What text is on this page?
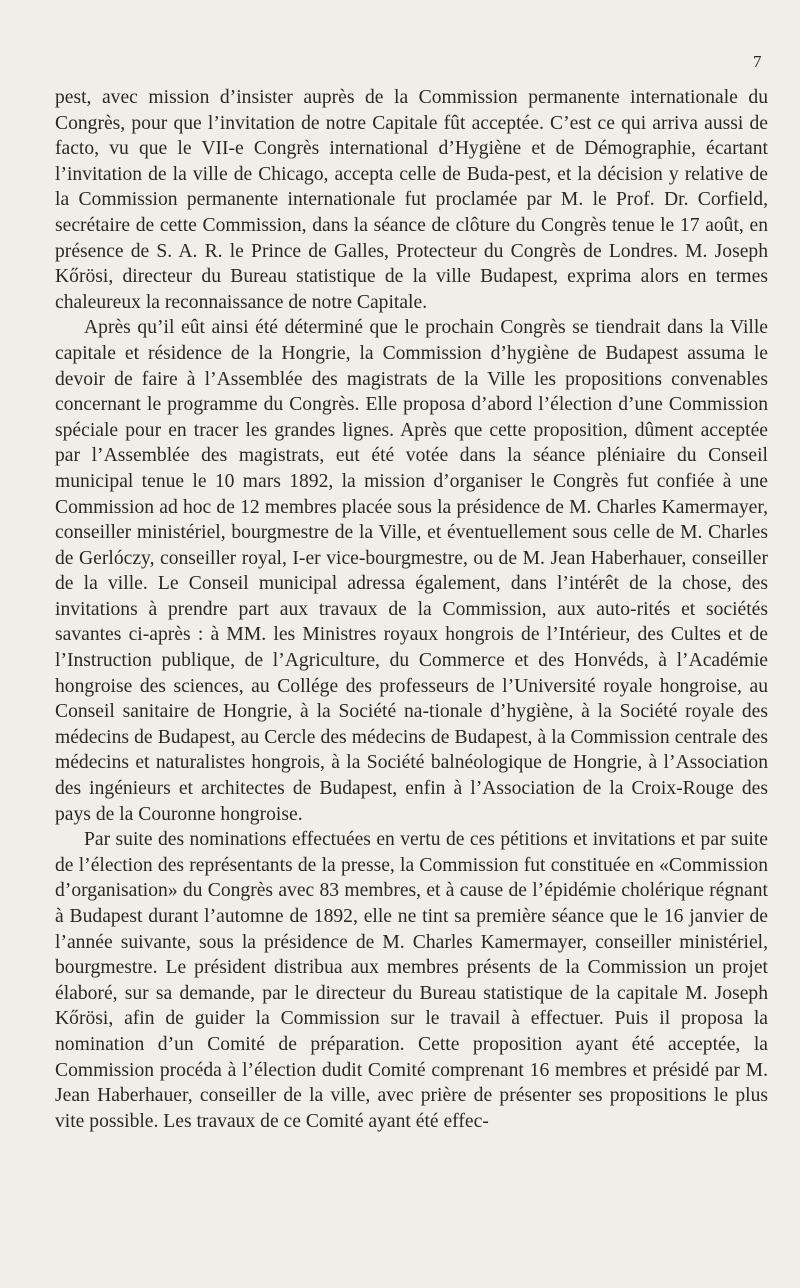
7

pest, avec mission d’insister auprès de la Commission permanente internationale du Congrès, pour que l’invitation de notre Capitale fût acceptée. C’est ce qui arriva aussi de facto, vu que le VII-e Congrès international d’Hygiène et de Démographie, écartant l’invitation de la ville de Chicago, accepta celle de Buda-pest, et la décision y relative de la Commission permanente internationale fut proclamée par M. le Prof. Dr. Corfield, secrétaire de cette Commission, dans la séance de clôture du Congrès tenue le 17 août, en présence de S. A. R. le Prince de Galles, Protecteur du Congrès de Londres. M. Joseph Kőrösi, directeur du Bureau statistique de la ville Budapest, exprima alors en termes chaleureux la reconnaissance de notre Capitale.

Après qu’il eût ainsi été déterminé que le prochain Congrès se tiendrait dans la Ville capitale et résidence de la Hongrie, la Commission d’hygiène de Budapest assuma le devoir de faire à l’Assemblée des magistrats de la Ville les propositions convenables concernant le programme du Congrès. Elle proposa d’abord l’élection d’une Commission spéciale pour en tracer les grandes lignes. Après que cette proposition, dûment acceptée par l’Assemblée des magistrats, eut été votée dans la séance pléniaire du Conseil municipal tenue le 10 mars 1892, la mission d’organiser le Congrès fut confiée à une Commission ad hoc de 12 membres placée sous la présidence de M. Charles Kamermayer, conseiller ministériel, bourgmestre de la Ville, et éventuellement sous celle de M. Charles de Gerlóczy, conseiller royal, I-er vice-bourgmestre, ou de M. Jean Haberhauer, conseiller de la ville. Le Conseil municipal adressa également, dans l’intérêt de la chose, des invitations à prendre part aux travaux de la Commission, aux auto-rités et sociétés savantes ci-après : à MM. les Ministres royaux hongrois de l’Intérieur, des Cultes et de l’Instruction publique, de l’Agriculture, du Commerce et des Honvéds, à l’Académie hongroise des sciences, au Collége des professeurs de l’Université royale hongroise, au Conseil sanitaire de Hongrie, à la Société na-tionale d’hygiène, à la Société royale des médecins de Budapest, au Cercle des médecins de Budapest, à la Commission centrale des médecins et naturalistes hongrois, à la Société balnéologique de Hongrie, à l’Association des ingénieurs et architectes de Budapest, enfin à l’Association de la Croix-Rouge des pays de la Couronne hongroise.

Par suite des nominations effectuées en vertu de ces pétitions et invitations et par suite de l’élection des représentants de la presse, la Commission fut constituée en «Commission d’organisation» du Congrès avec 83 membres, et à cause de l’épidémie cholérique régnant à Budapest durant l’automne de 1892, elle ne tint sa première séance que le 16 janvier de l’année suivante, sous la présidence de M. Charles Kamermayer, conseiller ministériel, bourgmestre. Le président distribua aux membres présents de la Commission un projet élaboré, sur sa demande, par le directeur du Bureau statistique de la capitale M. Joseph Kőrösi, afin de guider la Commission sur le travail à effectuer. Puis il proposa la nomination d’un Comité de préparation. Cette proposition ayant été acceptée, la Commission procéda à l’élection dudit Comité comprenant 16 membres et présidé par M. Jean Haberhauer, conseiller de la ville, avec prière de présenter ses propositions le plus vite possible. Les travaux de ce Comité ayant été effec-
